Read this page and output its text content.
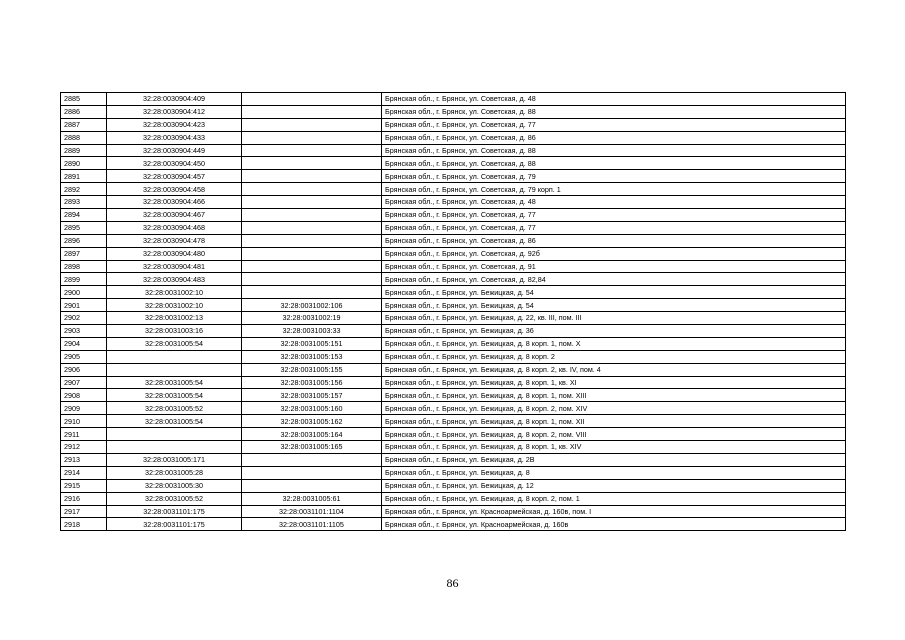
2885	32:28:0030904:409		Брянская обл., г. Брянск, ул. Советская, д. 48
2886	32:28:0030904:412		Брянская обл., г. Брянск, ул. Советская, д. 88
2887	32:28:0030904:423		Брянская обл., г. Брянск, ул. Советская, д. 77
2888	32:28:0030904:433		Брянская обл., г. Брянск, ул. Советская, д. 86
2889	32:28:0030904:449		Брянская обл., г. Брянск, ул. Советская, д. 88
2890	32:28:0030904:450		Брянская обл., г. Брянск, ул. Советская, д. 88
2891	32:28:0030904:457		Брянская обл., г. Брянск, ул. Советская, д. 79
2892	32:28:0030904:458		Брянская обл., г. Брянск, ул. Советская, д. 79 корп. 1
2893	32:28:0030904:466		Брянская обл., г. Брянск, ул. Советская, д. 48
2894	32:28:0030904:467		Брянская обл., г. Брянск, ул. Советская, д. 77
2895	32:28:0030904:468		Брянская обл., г. Брянск, ул. Советская, д. 77
2896	32:28:0030904:478		Брянская обл., г. Брянск, ул. Советская, д. 86
2897	32:28:0030904:480		Брянская обл., г. Брянск, ул. Советская, д. 92б
2898	32:28:0030904:481		Брянская обл., г. Брянск, ул. Советская, д. 91
2899	32:28:0030904:483		Брянская обл., г. Брянск, ул. Советская, д. 82,84
2900	32:28:0031002:10		Брянская обл., г. Брянск, ул. Бежицкая, д. 54
2901	32:28:0031002:10	32:28:0031002:106	Брянская обл., г. Брянск, ул. Бежицкая, д. 54
2902	32:28:0031002:13	32:28:0031002:19	Брянская обл., г. Брянск, ул. Бежицкая, д. 22, кв. III, пом. III
2903	32:28:0031003:16	32:28:0031003:33	Брянская обл., г. Брянск, ул. Бежицкая, д. 36
2904	32:28:0031005:54	32:28:0031005:151	Брянская обл., г. Брянск, ул. Бежицкая, д. 8 корп. 1, пом. X
2905		32:28:0031005:153	Брянская обл., г. Брянск, ул. Бежицкая, д. 8 корп. 2
2906		32:28:0031005:155	Брянская обл., г. Брянск, ул. Бежицкая, д. 8 корп. 2, кв. IV, пом. 4
2907	32:28:0031005:54	32:28:0031005:156	Брянская обл., г. Брянск, ул. Бежицкая, д. 8 корп. 1, кв. XI
2908	32:28:0031005:54	32:28:0031005:157	Брянская обл., г. Брянск, ул. Бежицкая, д. 8 корп. 1, пом. XIII
2909	32:28:0031005:52	32:28:0031005:160	Брянская обл., г. Брянск, ул. Бежицкая, д. 8 корп. 2, пом. XIV
2910	32:28:0031005:54	32:28:0031005:162	Брянская обл., г. Брянск, ул. Бежицкая, д. 8 корп. 1, пом. XII
2911		32:28:0031005:164	Брянская обл., г. Брянск, ул. Бежицкая, д. 8 корп. 2, пом. VIII
2912		32:28:0031005:165	Брянская обл., г. Брянск, ул. Бежицкая, д. 8 корп. 1, кв. XIV
2913	32:28:0031005:171		Брянская обл., г. Брянск, ул. Бежицкая, д. 2В
2914	32:28:0031005:28		Брянская обл., г. Брянск, ул. Бежицкая, д. 8
2915	32:28:0031005:30		Брянская обл., г. Брянск, ул. Бежицкая, д. 12
2916	32:28:0031005:52	32:28:0031005:61	Брянская обл., г. Брянск, ул. Бежицкая, д. 8 корп. 2, пом. 1
2917	32:28:0031101:175	32:28:0031101:1104	Брянская обл., г. Брянск, ул. Красноармейская, д. 160в, пом. I
2918	32:28:0031101:175	32:28:0031101:1105	Брянская обл., г. Брянск, ул. Красноармейская, д. 160в
86
